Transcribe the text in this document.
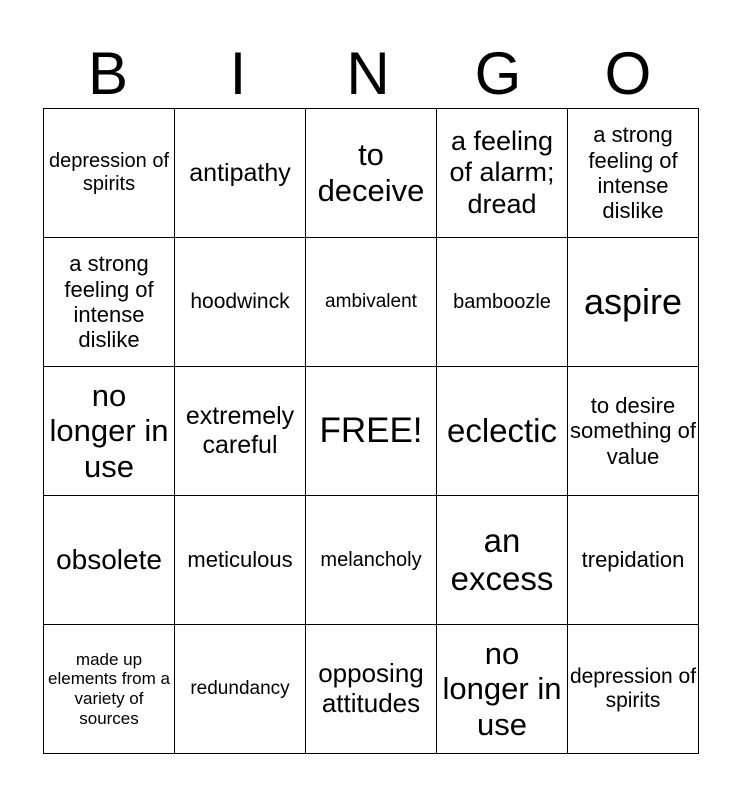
B	I	N	G	O
depression of spirits	antipathy	to deceive	a feeling of alarm; dread	a strong feeling of intense dislike
a strong feeling of intense dislike	hoodwinck	ambivalent	bamboozle	aspire
no longer in use	extremely careful	FREE!	eclectic	to desire something of value
obsolete	meticulous	melancholy	an excess	trepidation
made up elements from a variety of sources	redundancy	opposing attitudes	no longer in use	depression of spirits
